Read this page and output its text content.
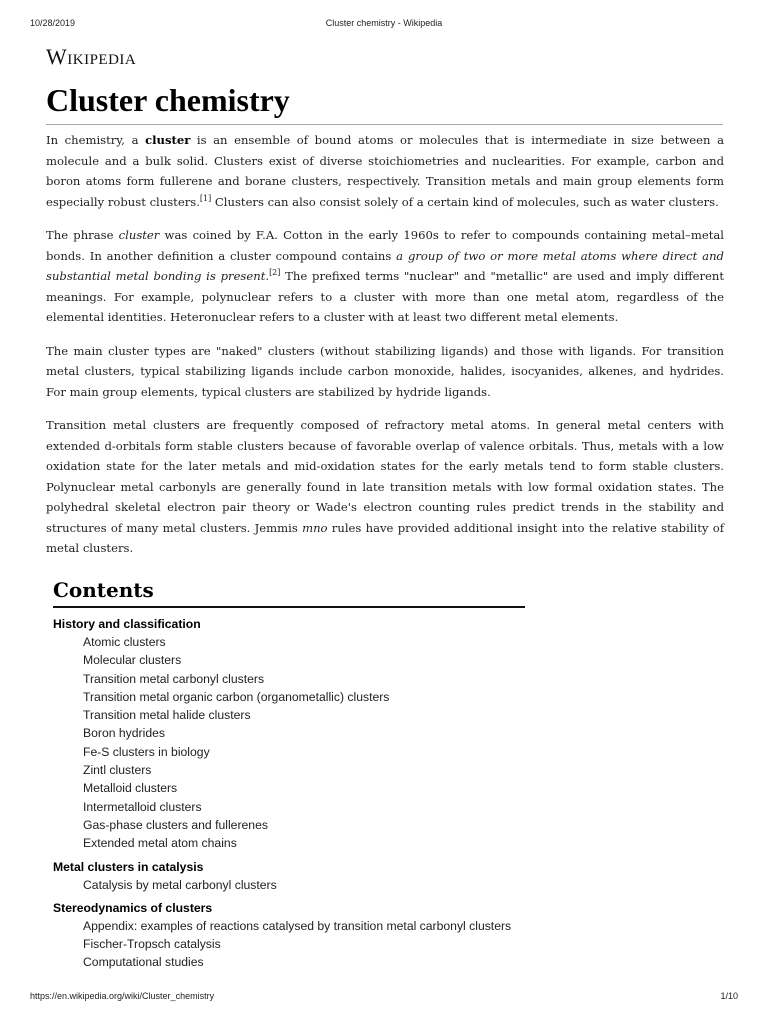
10/28/2019	Cluster chemistry - Wikipedia
Wikipedia
Cluster chemistry

In chemistry, a cluster is an ensemble of bound atoms or molecules that is intermediate in size between a molecule and a bulk solid. Clusters exist of diverse stoichiometries and nuclearities. For example, carbon and boron atoms form fullerene and borane clusters, respectively. Transition metals and main group elements form especially robust clusters.[1] Clusters can also consist solely of a certain kind of molecules, such as water clusters.

The phrase cluster was coined by F.A. Cotton in the early 1960s to refer to compounds containing metal–metal bonds. In another definition a cluster compound contains a group of two or more metal atoms where direct and substantial metal bonding is present.[2] The prefixed terms "nuclear" and "metallic" are used and imply different meanings. For example, polynuclear refers to a cluster with more than one metal atom, regardless of the elemental identities. Heteronuclear refers to a cluster with at least two different metal elements.

The main cluster types are "naked" clusters (without stabilizing ligands) and those with ligands. For transition metal clusters, typical stabilizing ligands include carbon monoxide, halides, isocyanides, alkenes, and hydrides. For main group elements, typical clusters are stabilized by hydride ligands.

Transition metal clusters are frequently composed of refractory metal atoms. In general metal centers with extended d-orbitals form stable clusters because of favorable overlap of valence orbitals. Thus, metals with a low oxidation state for the later metals and mid-oxidation states for the early metals tend to form stable clusters. Polynuclear metal carbonyls are generally found in late transition metals with low formal oxidation states. The polyhedral skeletal electron pair theory or Wade's electron counting rules predict trends in the stability and structures of many metal clusters. Jemmis mno rules have provided additional insight into the relative stability of metal clusters.

Contents
History and classification
Atomic clusters
Molecular clusters
Transition metal carbonyl clusters
Transition metal organic carbon (organometallic) clusters
Transition metal halide clusters
Boron hydrides
Fe-S clusters in biology
Zintl clusters
Metalloid clusters
Intermetalloid clusters
Gas-phase clusters and fullerenes
Extended metal atom chains
Metal clusters in catalysis
Catalysis by metal carbonyl clusters
Stereodynamics of clusters
Appendix: examples of reactions catalysed by transition metal carbonyl clusters
Fischer-Tropsch catalysis
Computational studies
https://en.wikipedia.org/wiki/Cluster_chemistry	1/10
